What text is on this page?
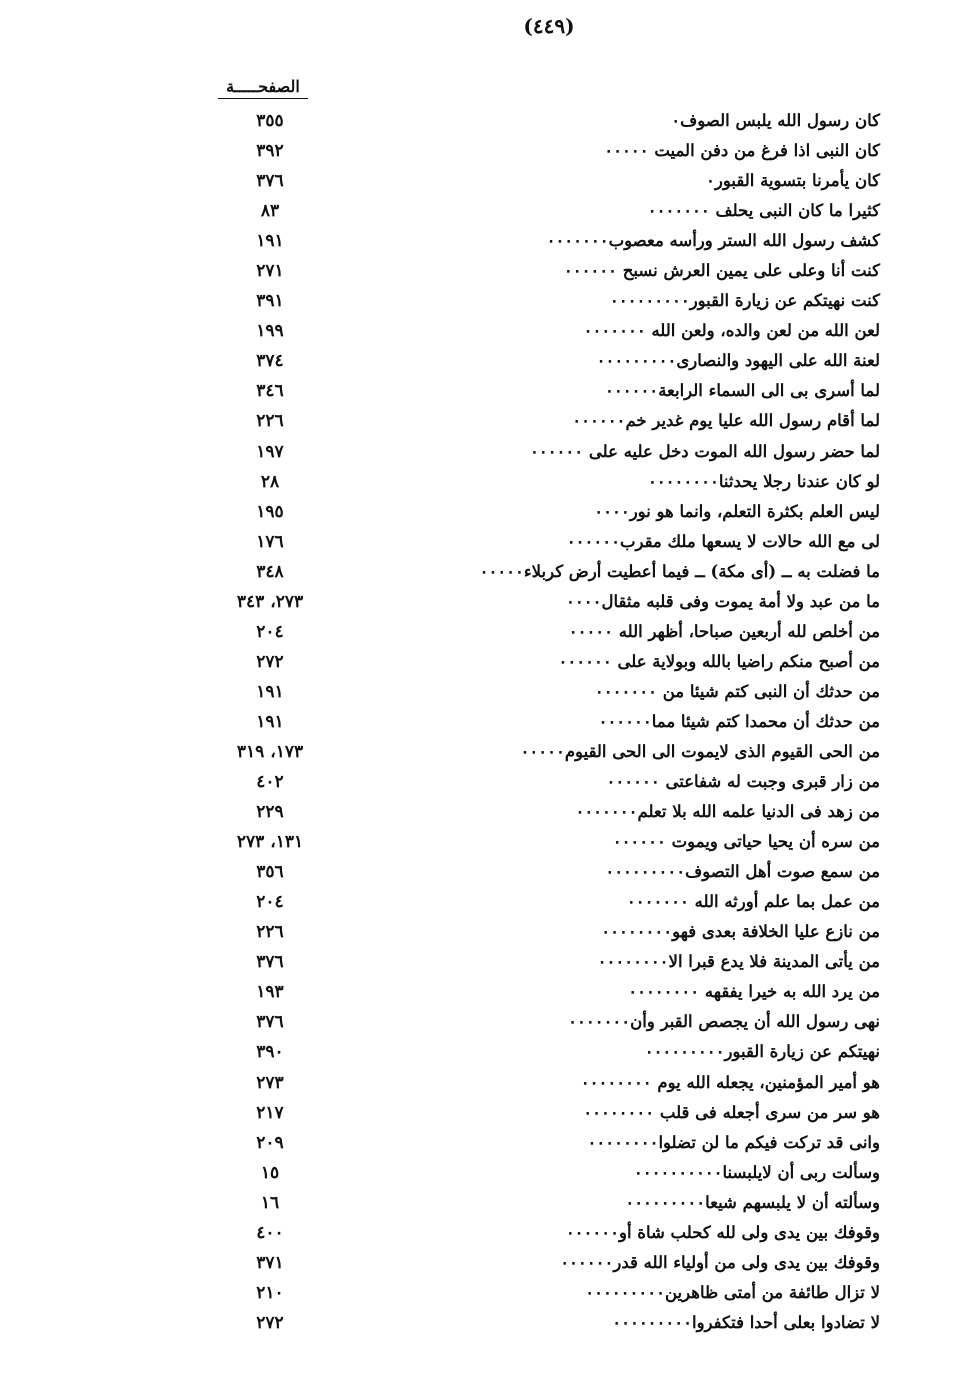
(٤٤٩)
الصفحـــــة
كان رسول الله يلبس الصوف٠
٣٥٥
كان النبى اذا فرغ من دفن الميت ٠٠٠٠٠
٣٩٢
كان يأمرنا بتسوية القبور٠
٣٧٦
كثيرا ما كان النبى يحلف ٠٠٠٠٠٠٠
٨٣
كشف رسول الله الستر ورأسه معصوب٠٠٠٠٠٠٠
١٩١
كنت أنا وعلى على يمين العرش نسبح ٠٠٠٠٠٠
٢٧١
كنت نهيتكم عن زيارة القبور٠٠٠٠٠٠٠٠٠
٣٩١
لعن الله من لعن والده، ولعن الله ٠٠٠٠٠٠٠
١٩٩
لعنة الله على اليهود والنصارى٠٠٠٠٠٠٠٠٠
٣٧٤
لما أسرى بى الى السماء الرابعة٠٠٠٠٠٠
٣٤٦
لما أقام رسول الله عليا يوم غدير خم٠٠٠٠٠٠
٢٢٦
لما حضر رسول الله الموت دخل عليه على ٠٠٠٠٠٠
١٩٧
لو كان عندنا رجلا يحدثنا٠٠٠٠٠٠٠٠
٢٨
ليس العلم بكثرة التعلم، وانما هو نور٠٠٠٠
١٩٥
لى مع الله حالات لا يسعها ملك مقرب٠٠٠٠٠٠
١٧٦
ما فضلت به ــ (أى مكة) ــ فيما أعطيت أرض كربلاء٠٠٠٠٠
٣٤٨
ما من عبد ولا أمة يموت وفى قلبه مثقال٠٠٠٠
٢٧٣، ٣٤٣
من أخلص لله أربعين صباحا، أظهر الله ٠٠٠٠٠
٢٠٤
من أصبح منكم راضيا بالله وبولاية على ٠٠٠٠٠٠
٢٧٢
من حدثك أن النبى كتم شيئا من ٠٠٠٠٠٠٠
١٩١
من حدثك أن محمدا كتم شيئا مما٠٠٠٠٠٠
١٩١
من الحى القيوم الذى لايموت الى الحى القيوم٠٠٠٠٠
١٧٣، ٣١٩
من زار قبرى وجبت له شفاعتى ٠٠٠٠٠٠
٤٠٢
من زهد فى الدنيا علمه الله بلا تعلم٠٠٠٠٠٠٠
٢٢٩
من سره أن يحيا حياتى ويموت ٠٠٠٠٠٠
١٣١، ٢٧٣
من سمع صوت أهل التصوف٠٠٠٠٠٠٠٠٠
٣٥٦
من عمل بما علم أورثه الله ٠٠٠٠٠٠٠
٢٠٤
من نازع عليا الخلافة بعدى فهو٠٠٠٠٠٠٠٠
٢٢٦
من يأتى المدينة فلا يدع قبرا الا٠٠٠٠٠٠٠٠
٣٧٦
من يرد الله به خيرا يفقهه ٠٠٠٠٠٠٠٠
١٩٣
نهى رسول الله أن يجصص القبر وأن٠٠٠٠٠٠٠
٣٧٦
نهيتكم عن زيارة القبور٠٠٠٠٠٠٠٠٠
٣٩٠
هو أمير المؤمنين، يجعله الله يوم ٠٠٠٠٠٠٠٠
٢٧٣
هو سر من سرى أجعله فى قلب ٠٠٠٠٠٠٠٠
٢١٧
وانى قد تركت فيكم ما لن تضلوا٠٠٠٠٠٠٠٠
٢٠٩
وسألت ربى أن لايلبسنا٠٠٠٠٠٠٠٠٠٠
١٥
وسألته أن لا يلبسهم شيعا٠٠٠٠٠٠٠٠٠
١٦
وقوفك بين يدى ولى لله كحلب شاة أو٠٠٠٠٠٠
٤٠٠
وقوفك بين يدى ولى من أولياء الله قدر٠٠٠٠٠٠
٣٧١
لا تزال طائفة من أمتى ظاهرين٠٠٠٠٠٠٠٠٠
٢١٠
لا تضادوا بعلى أحدا فتكفروا٠٠٠٠٠٠٠٠٠
٢٧٢
